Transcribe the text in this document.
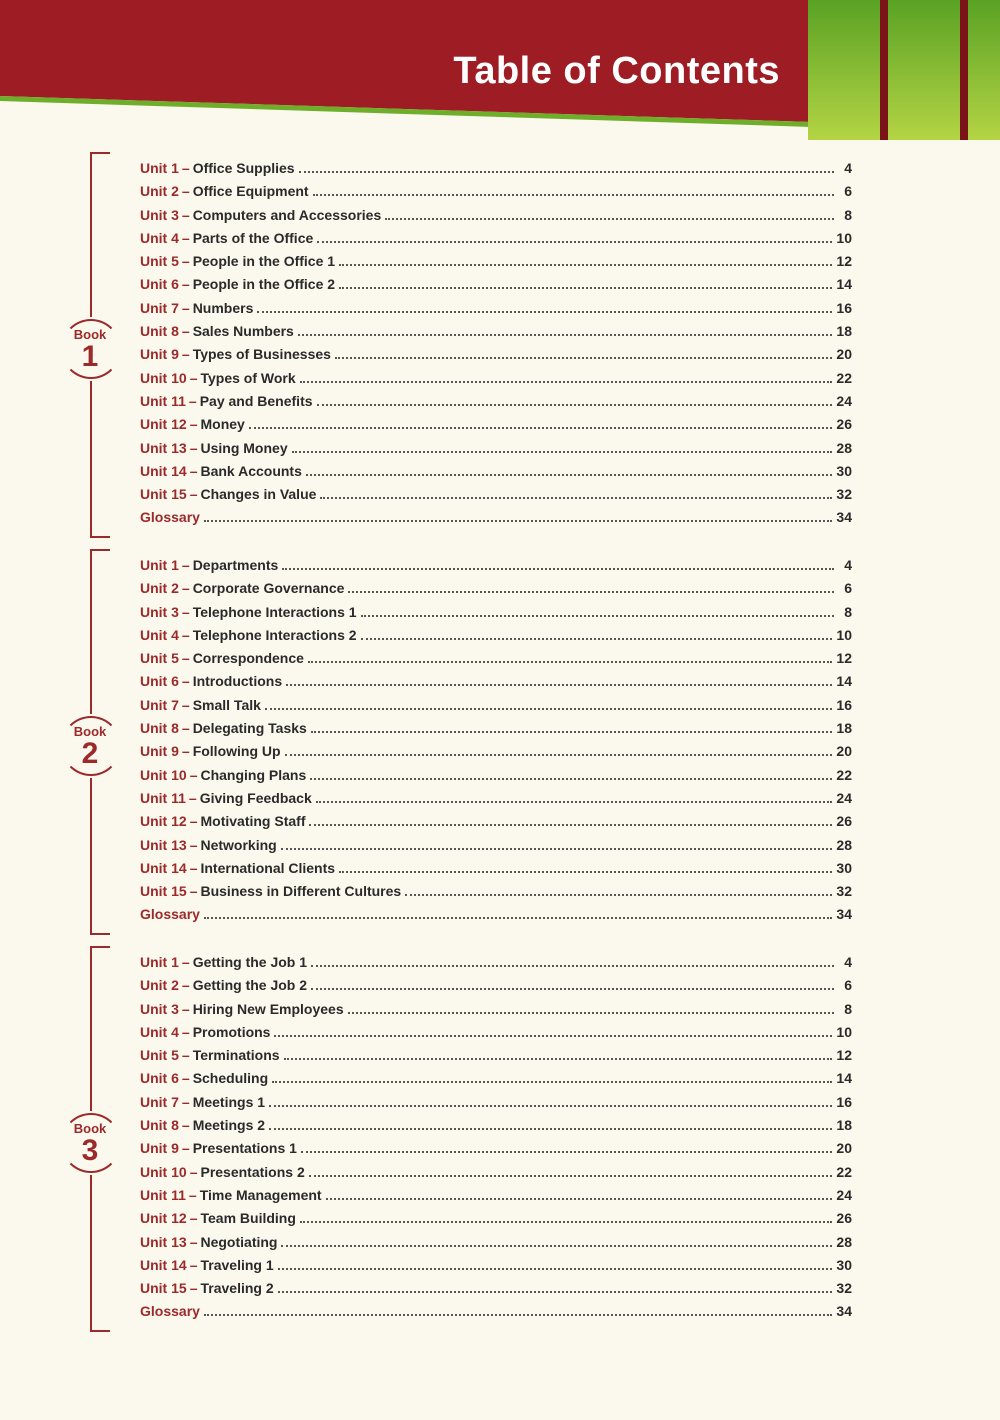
Table of Contents
Book
1
Unit 1 – Office Supplies	4
Unit 2 – Office Equipment	6
Unit 3 – Computers and Accessories	8
Unit 4 – Parts of the Office	10
Unit 5 – People in the Office 1	12
Unit 6 – People in the Office 2	14
Unit 7 – Numbers	16
Unit 8 – Sales Numbers	18
Unit 9 – Types of Businesses	20
Unit 10 – Types of Work	22
Unit 11 – Pay and Benefits	24
Unit 12 – Money	26
Unit 13 – Using Money	28
Unit 14 – Bank Accounts	30
Unit 15 – Changes in Value	32
Glossary	34
Book
2
Unit 1 – Departments	4
Unit 2 – Corporate Governance	6
Unit 3 – Telephone Interactions 1	8
Unit 4 – Telephone Interactions 2	10
Unit 5 – Correspondence	12
Unit 6 – Introductions	14
Unit 7 – Small Talk	16
Unit 8 – Delegating Tasks	18
Unit 9 – Following Up	20
Unit 10 – Changing Plans	22
Unit 11 – Giving Feedback	24
Unit 12 – Motivating Staff	26
Unit 13 – Networking	28
Unit 14 – International Clients	30
Unit 15 – Business in Different Cultures	32
Glossary	34
Book
3
Unit 1 – Getting the Job 1	4
Unit 2 – Getting the Job 2	6
Unit 3 – Hiring New Employees	8
Unit 4 – Promotions	10
Unit 5 – Terminations	12
Unit 6 – Scheduling	14
Unit 7 – Meetings 1	16
Unit 8 – Meetings 2	18
Unit 9 – Presentations 1	20
Unit 10 – Presentations 2	22
Unit 11 – Time Management	24
Unit 12 – Team Building	26
Unit 13 – Negotiating	28
Unit 14 – Traveling 1	30
Unit 15 – Traveling 2	32
Glossary	34
